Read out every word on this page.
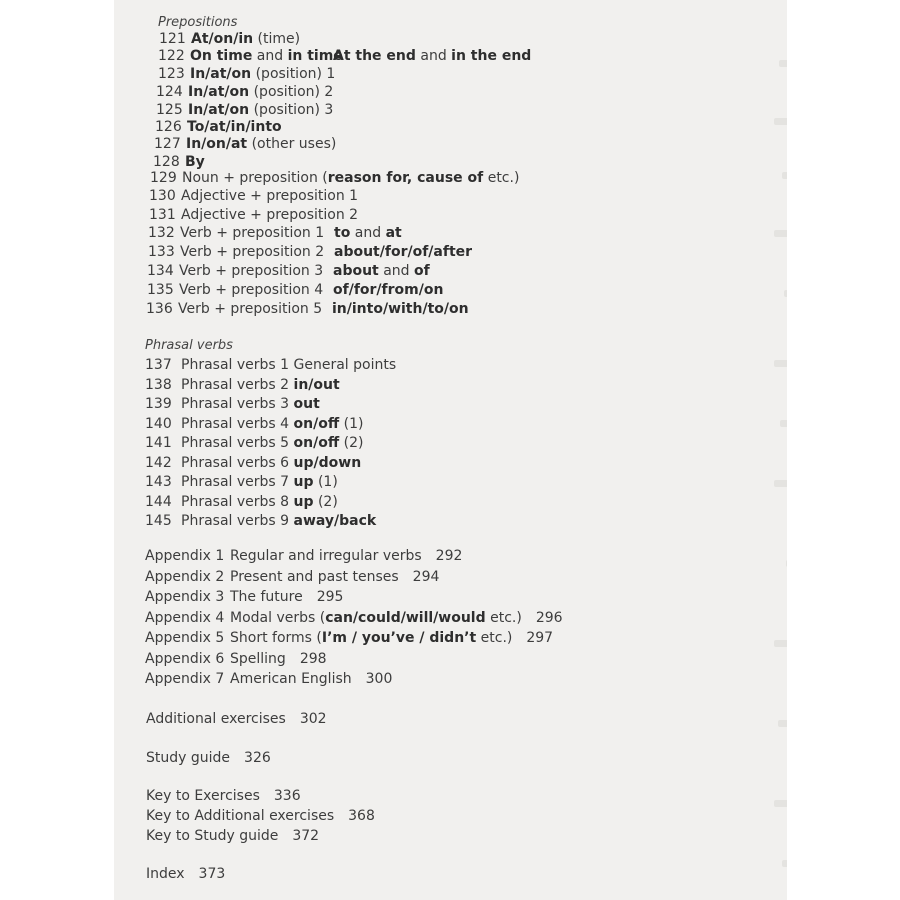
Prepositions
121 At/on/in (time)
122 On time and in time
At the end and in the end
123 In/at/on (position) 1
124 In/at/on (position) 2
125 In/at/on (position) 3
126 To/at/in/into
127 In/on/at (other uses)
128 By
129 Noun + preposition (reason for, cause of etc.)
130 Adjective + preposition 1
131 Adjective + preposition 2
132 Verb + preposition 1 to and at
133 Verb + preposition 2 about/for/of/after
134 Verb + preposition 3 about and of
135 Verb + preposition 4 of/for/from/on
136 Verb + preposition 5 in/into/with/to/on
Phrasal verbs
137 Phrasal verbs 1 General points
138 Phrasal verbs 2 in/out
139 Phrasal verbs 3 out
140 Phrasal verbs 4 on/off (1)
141 Phrasal verbs 5 on/off (2)
142 Phrasal verbs 6 up/down
143 Phrasal verbs 7 up (1)
144 Phrasal verbs 8 up (2)
145 Phrasal verbs 9 away/back
Appendix 1 Regular and irregular verbs 292
Appendix 2 Present and past tenses 294
Appendix 3 The future 295
Appendix 4 Modal verbs (can/could/will/would etc.) 296
Appendix 5 Short forms (I’m / you’ve / didn’t etc.) 297
Appendix 6 Spelling 298
Appendix 7 American English 300
Additional exercises 302
Study guide 326
Key to Exercises 336
Key to Additional exercises 368
Key to Study guide 372
Index 373
